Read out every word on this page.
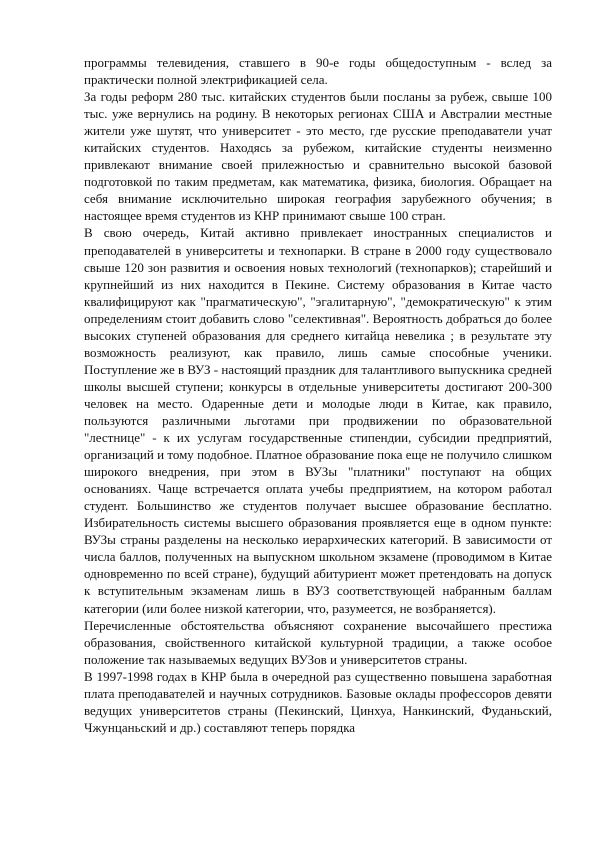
программы телевидения, ставшего в 90-е годы общедоступным - вслед за практически полной электрификацией села.

За годы реформ 280 тыс. китайских студентов были посланы за рубеж, свыше 100 тыс. уже вернулись на родину. В некоторых регионах США и Австралии местные жители уже шутят, что университет - это место, где русские преподаватели учат китайских студентов. Находясь за рубежом, китайские студенты неизменно привлекают внимание своей прилежностью и сравнительно высокой базовой подготовкой по таким предметам, как математика, физика, биология. Обращает на себя внимание исключительно широкая география зарубежного обучения; в настоящее время студентов из КНР принимают свыше 100 стран.

В свою очередь, Китай активно привлекает иностранных специалистов и преподавателей в университеты и технопарки. В стране в 2000 году существовало свыше 120 зон развития и освоения новых технологий (технопарков); старейший и крупнейший из них находится в Пекине. Систему образования в Китае часто квалифицируют как "прагматическую", "эгалитарную", "демократическую" к этим определениям стоит добавить слово "селективная". Вероятность добраться до более высоких ступеней образования для среднего китайца невелика ; в результате эту возможность реализуют, как правило, лишь самые способные ученики. Поступление же в ВУЗ - настоящий праздник для талантливого выпускника средней школы высшей ступени; конкурсы в отдельные университеты достигают 200-300 человек на место. Одаренные дети и молодые люди в Китае, как правило, пользуются различными льготами при продвижении по образовательной "лестнице" - к их услугам государственные стипендии, субсидии предприятий, организаций и тому подобное. Платное образование пока еще не получило слишком широкого внедрения, при этом в ВУЗы "платники" поступают на общих основаниях. Чаще встречается оплата учебы предприятием, на котором работал студент. Большинство же студентов получает высшее образование бесплатно. Избирательность системы высшего образования проявляется еще в одном пункте: ВУЗы страны разделены на несколько иерархических категорий. В зависимости от числа баллов, полученных на выпускном школьном экзамене (проводимом в Китае одновременно по всей стране), будущий абитуриент может претендовать на допуск к вступительным экзаменам лишь в ВУЗ соответствующей набранным баллам категории (или более низкой категории, что, разумеется, не возбраняется).

Перечисленные обстоятельства объясняют сохранение высочайшего престижа образования, свойственного китайской культурной традиции, а также особое положение так называемых ведущих ВУЗов и университетов страны.

В 1997-1998 годах в КНР была в очередной раз существенно повышена заработная плата преподавателей и научных сотрудников. Базовые оклады профессоров девяти ведущих университетов страны (Пекинский, Цинхуа, Нанкинский, Фуданьский, Чжунцаньский и др.) составляют теперь порядка
